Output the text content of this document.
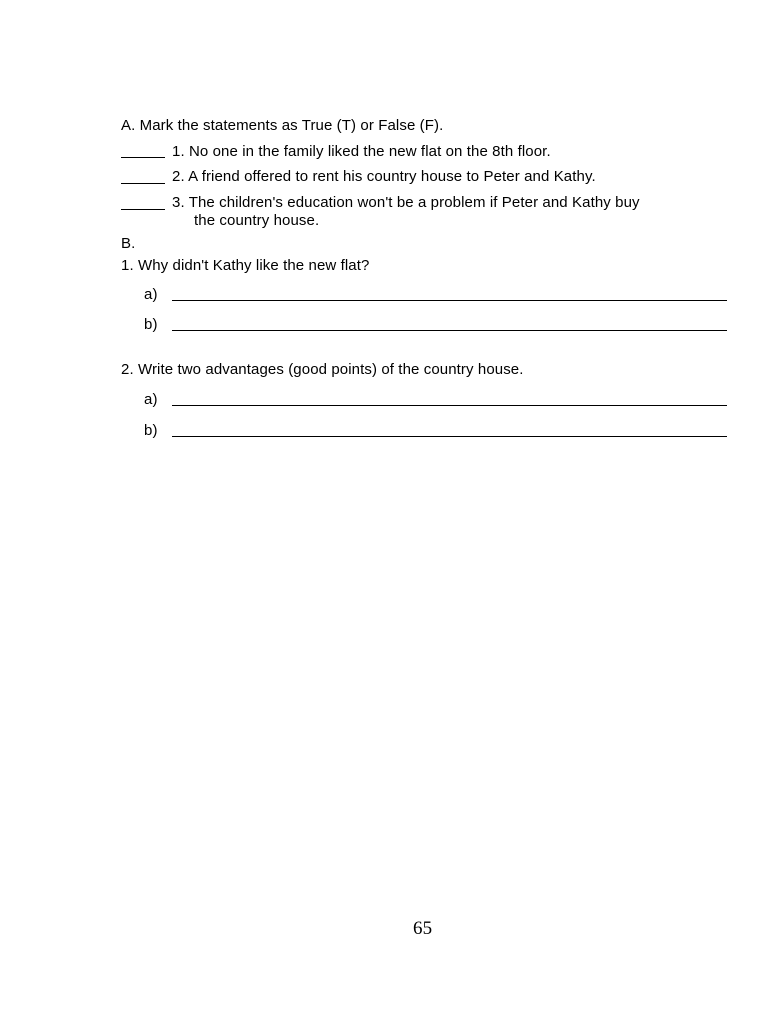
A. Mark the statements as True (T) or False (F).
1. No one in the family liked the new flat on the 8th floor.
2. A friend offered to rent his country house to Peter and Kathy.
3. The children's education won't be a problem if Peter and Kathy buy
the country house.
B.
1. Why didn't Kathy like the new flat?
a)
b)
2. Write two advantages (good points) of the country house.
a)
b)
65
